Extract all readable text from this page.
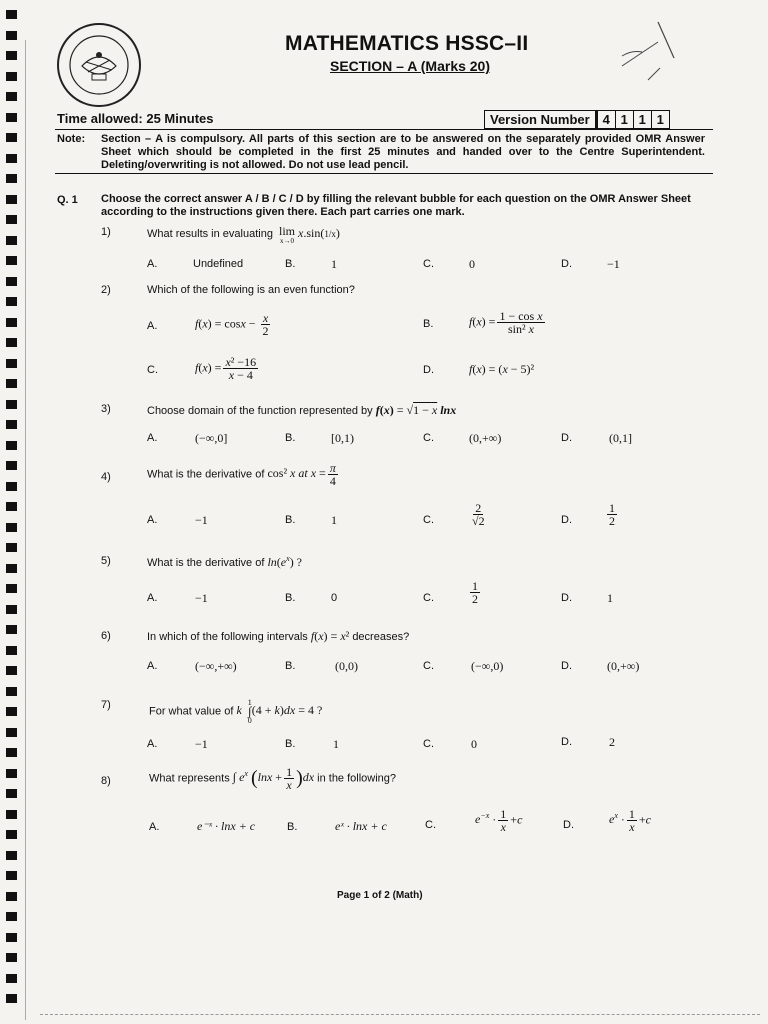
MATHEMATICS HSSC–II
SECTION – A (Marks 20)
Time allowed: 25 Minutes	Version Number 4 1 1 1
Note: Section – A is compulsory. All parts of this section are to be answered on the separately provided OMR Answer Sheet which should be completed in the first 25 minutes and handed over to the Centre Superintendent. Deleting/overwriting is not allowed. Do not use lead pencil.
Q. 1 Choose the correct answer A / B / C / D by filling the relevant bubble for each question on the OMR Answer Sheet according to the instructions given there. Each part carries one mark.
1)	What results in evaluating lim
x→0
x.sin(1/x)
A.	Undefined	B.	1	C.	0	D.	−1
2)	Which of the following is an even function?
A.	$f(x) = \cos x - \frac{x}{2}$	B.	$f(x) = \frac{\text{1 − cos x}}{\text{sin² x}}$
C.	$f(x) = \frac{\text{x² −16}}{x - 4}$	D.	f(x) = (x − 5)²
3)	Choose domain of the function represented by f(x) = √1 − x lnx
A.	(−∞,0]	B.	[0,1)	C.	(0,+∞)	D.	(0,1]
4)	What is the derivative of cos² x at $x = \frac{\pi}{4}$
A.	−1	B.	1	C.	$\frac{2}{√2}$	D.	$\frac{1}{2}$
5)	What is the derivative of $\ln(e^x)$ ?
A.	−1	B.	0	C.	$\frac{1}{2}$	D.	1
6)	In which of the following intervals f(x) = x² decreases?
A.	(−∞,+∞)	B.	(0,0)	C.	(−∞,0)	D.	(0,+∞)
7)
For what value of k
1
∫
0
(4 + k)dx = 4 ?
A.	−1	B.	1	C.	0	D.	2
8)	What represents ∫ $e^x$ $(\ln x + \frac{1}{x} )dx$ in the following?
A.	e⁻ˣ · lnx + c	B.	eˣ · lnx + c	C.	$e^{-x} \cdot \frac{1}{x} +c$	D.	$e^x \cdot \frac{1}{x} +c$
Page 1 of 2 (Math)
